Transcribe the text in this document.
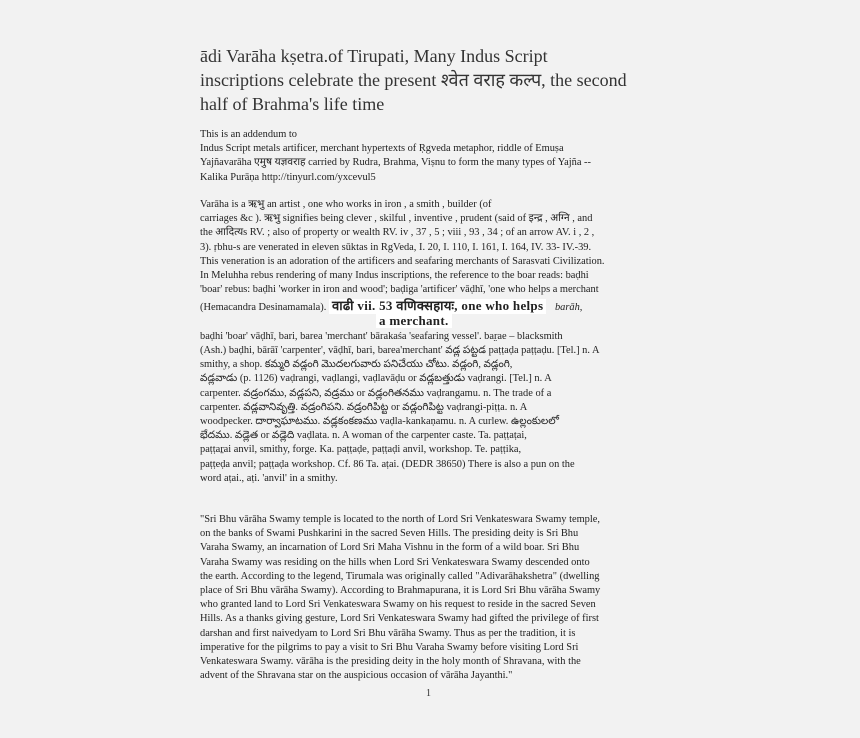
ādi Varāha kṣetra.of Tirupati, Many Indus Script inscriptions celebrate the present श्वेत वराह कल्प, the second half of Brahma's life time

This is an addendum to

Indus Script metals artificer, merchant hypertexts of Ṛgveda metaphor, riddle of Emuṣa

Yajñavarāha एमुष यज्ञवराह carried by Rudra, Brahma, Viṣnu to form the many types of Yajña --

Kalika Purāṇa http://tinyurl.com/yxcevul5

Varāha is a ऋभु an artist , one who works in iron , a smith , builder (of

carriages &c ). ऋभु signifies being clever , skilful , inventive , prudent (said of इन्द्र , अग्नि , and

the आदित्यs RV. ; also of property or wealth RV. iv , 37 , 5 ; viii , 93 , 34 ; of an arrow AV. i , 2 ,

3). ṛbhu-s are venerated in eleven sūktas in RgVeda, I. 20, I. 110, I. 161, I. 164, IV. 33- IV.-39.

This veneration is an adoration of the artificers and seafaring merchants of Sarasvati Civilization.

In Meluhha rebus rendering of many Indus inscriptions, the reference to the boar reads: baḍhi

'boar' rebus: baḍhi 'worker in iron and wood'; baḍiga 'artificer' vāḍhī, 'one who helps a merchant

(Hemacandra Desinamamala). वाढी vii. 53 वणिक्सहायः, one who helps barāh,

a merchant.

baḍhi 'boar' vāḍhī, bari, barea 'merchant' bārakaśa 'seafaring vessel'. bar̤ae – blacksmith

(Ash.) baḍhi, bārāī 'carpenter', vāḍhī, bari, barea'merchant' వడ్ల పట్టడ paṭṭaḍa paṭṭaḍu. [Tel.] n. A

smithy, a shop. కమ్మరి వడ్లంగి మొదలగువారు పనిచేయు చోటు. వడ్లంగి, వడ్లంగి,

వడ్లవాడు (p. 1126) vaḍrangi, vaḍlangi, vaḍlavāḍu or వడ్లబత్తుడు vaḍrangi. [Tel.] n. A

carpenter. వడ్రంగము, వడ్లపని, వడ్రము or వడ్లంగితనము vaḍrangamu. n. The trade of a

carpenter. వడ్లవానివృత్తి. వడ్రంగిపని. వడ్రంగిపిట్ట or వడ్లంగిపిట్ట vaḍrangi-piṭṭa. n. A

woodpecker. దార్వాఘాటము. వడ్లకంకణము vaḍla-kankaṇamu. n. A curlew. ఉల్లంకులలో

భేదము. వడ్లెత or వడ్లెది vaḍlata. n. A woman of the carpenter caste. Ta. paṭṭaṭai,

paṭṭaṟai anvil, smithy, forge. Ka. paṭṭaḍe, paṭṭaḍi anvil, workshop. Te. paṭṭika,

paṭṭeḍa anvil; paṭṭaḍa workshop. Cf. 86 Ta. aṭai. (DEDR 38650) There is also a pun on the

word aṭai., aṭi. 'anvil' in a smithy.

"Sri Bhu vārāha Swamy temple is located to the north of Lord Sri Venkateswara Swamy temple,

on the banks of Swami Pushkarini in the sacred Seven Hills. The presiding deity is Sri Bhu

Varaha Swamy, an incarnation of Lord Sri Maha Vishnu in the form of a wild boar. Sri Bhu

Varaha Swamy was residing on the hills when Lord Sri Venkateswara Swamy descended onto

the earth. According to the legend, Tirumala was originally called "Adivarāhakshetra" (dwelling

place of Sri Bhu vārāha Swamy). According to Brahmapurana, it is Lord Sri Bhu vārāha Swamy

who granted land to Lord Sri Venkateswara Swamy on his request to reside in the sacred Seven

Hills. As a thanks giving gesture, Lord Sri Venkateswara Swamy had gifted the privilege of first

darshan and first naivedyam to Lord Sri Bhu vārāha Swamy. Thus as per the tradition, it is

imperative for the pilgrims to pay a visit to Sri Bhu Varaha Swamy before visiting Lord Sri

Venkateswara Swamy. vārāha is the presiding deity in the holy month of Shravana, with the

advent of the Shravana star on the auspicious occasion of vārāha Jayanthi."

1
